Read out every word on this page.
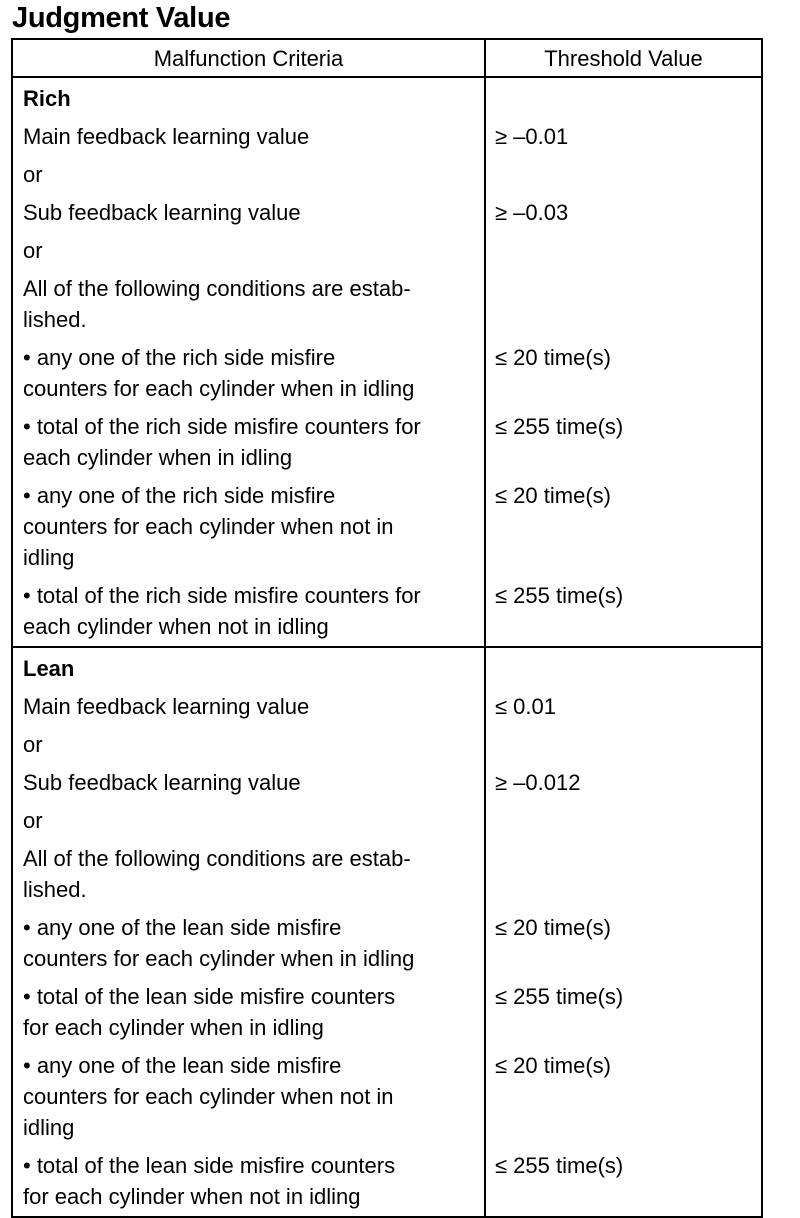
Judgment Value
Malfunction Criteria	Threshold Value
Rich	
Main feedback learning value	≥ –0.01
or	
Sub feedback learning value	≥ –0.03
or	
All of the following conditions are estab-
lished.	
• any one of the rich side misfire
counters for each cylinder when in idling	≤ 20 time(s)
• total of the rich side misfire counters for
each cylinder when in idling	≤ 255 time(s)
• any one of the rich side misfire
counters for each cylinder when not in
idling	≤ 20 time(s)
• total of the rich side misfire counters for
each cylinder when not in idling	≤ 255 time(s)
Lean	
Main feedback learning value	≤ 0.01
or	
Sub feedback learning value	≥ –0.012
or	
All of the following conditions are estab-
lished.	
• any one of the lean side misfire
counters for each cylinder when in idling	≤ 20 time(s)
• total of the lean side misfire counters
for each cylinder when in idling	≤ 255 time(s)
• any one of the lean side misfire
counters for each cylinder when not in
idling	≤ 20 time(s)
• total of the lean side misfire counters
for each cylinder when not in idling	≤ 255 time(s)
